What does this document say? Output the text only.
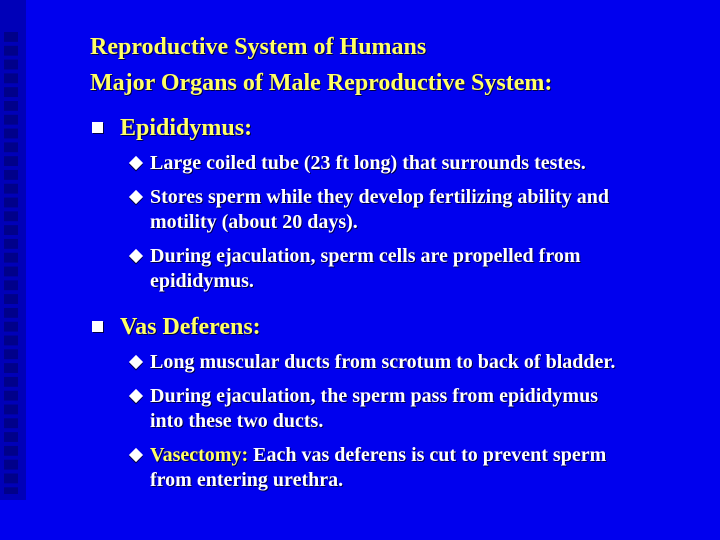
Reproductive System of Humans
Major Organs of Male Reproductive System:
Epididymus:
Large coiled tube (23 ft long) that surrounds testes.
Stores sperm while they develop fertilizing ability and
motility (about 20 days).
During ejaculation, sperm cells are propelled from
epididymus.
Vas Deferens:
Long muscular ducts from scrotum to back of bladder.
During ejaculation, the sperm pass from epididymus
into these two ducts.
Vasectomy: Each vas deferens is cut to prevent sperm
from entering urethra.
